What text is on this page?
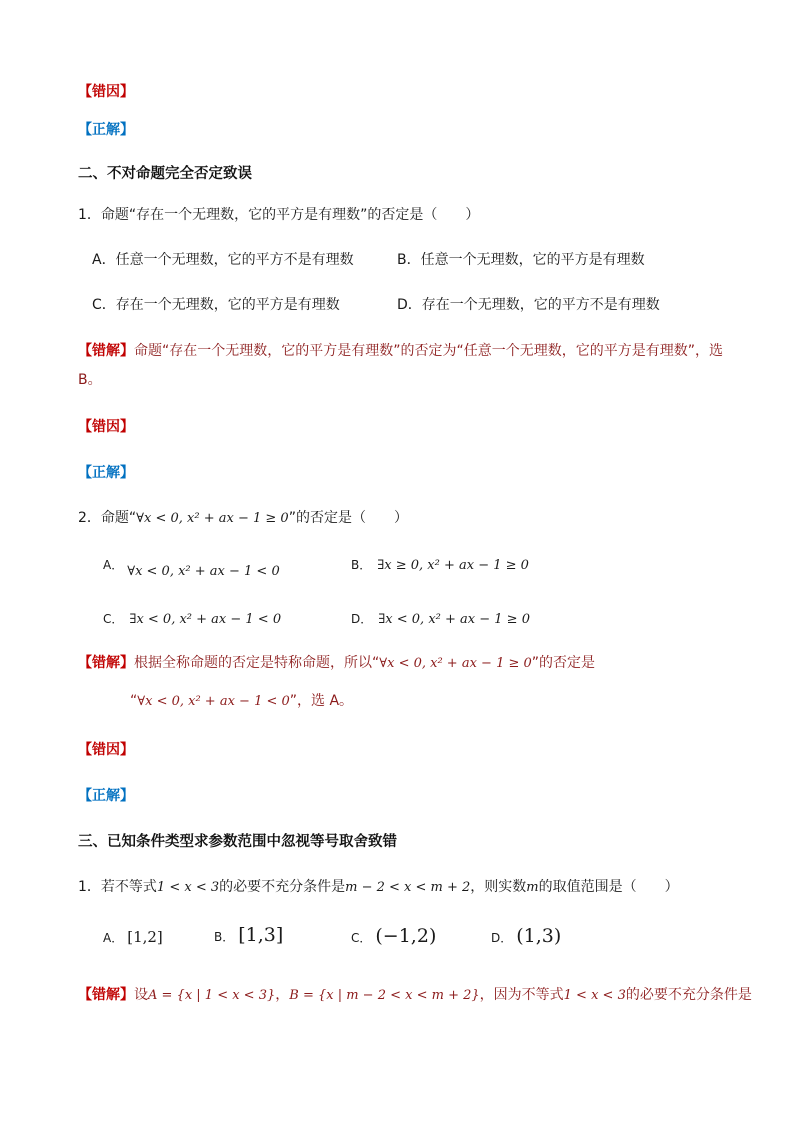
【错因】
【正解】
二、不对命题完全否定致误
1．命题“存在一个无理数，它的平方是有理数”的否定是（　　）
A．任意一个无理数，它的平方不是有理数	B．任意一个无理数，它的平方是有理数
C．存在一个无理数，它的平方是有理数	D．存在一个无理数，它的平方不是有理数
【错解】命题“存在一个无理数，它的平方是有理数”的否定为“任意一个无理数，它的平方是有理数”，选
B。
【错因】
【正解】
2．命题“∀x < 0, x² + ax − 1 ≥ 0”的否定是（　　）
A． ∀x < 0, x² + ax − 1 < 0	B． ∃x ≥ 0, x² + ax − 1 ≥ 0
C． ∃x < 0, x² + ax − 1 < 0	D． ∃x < 0, x² + ax − 1 ≥ 0
【错解】根据全称命题的否定是特称命题，所以“∀x < 0, x² + ax − 1 ≥ 0”的否定是
“∀x < 0, x² + ax − 1 < 0”，选 A。
【错因】
【正解】
三、已知条件类型求参数范围中忽视等号取舍致错
1．若不等式1 < x < 3的必要不充分条件是m − 2 < x < m + 2，则实数m的取值范围是（　　）
A． [1,2]	B． [1,3]	C． (−1,2)	D． (1,3)
【错解】设A = {x | 1 < x < 3}，B = {x | m − 2 < x < m + 2}，因为不等式1 < x < 3的必要不充分条件是
